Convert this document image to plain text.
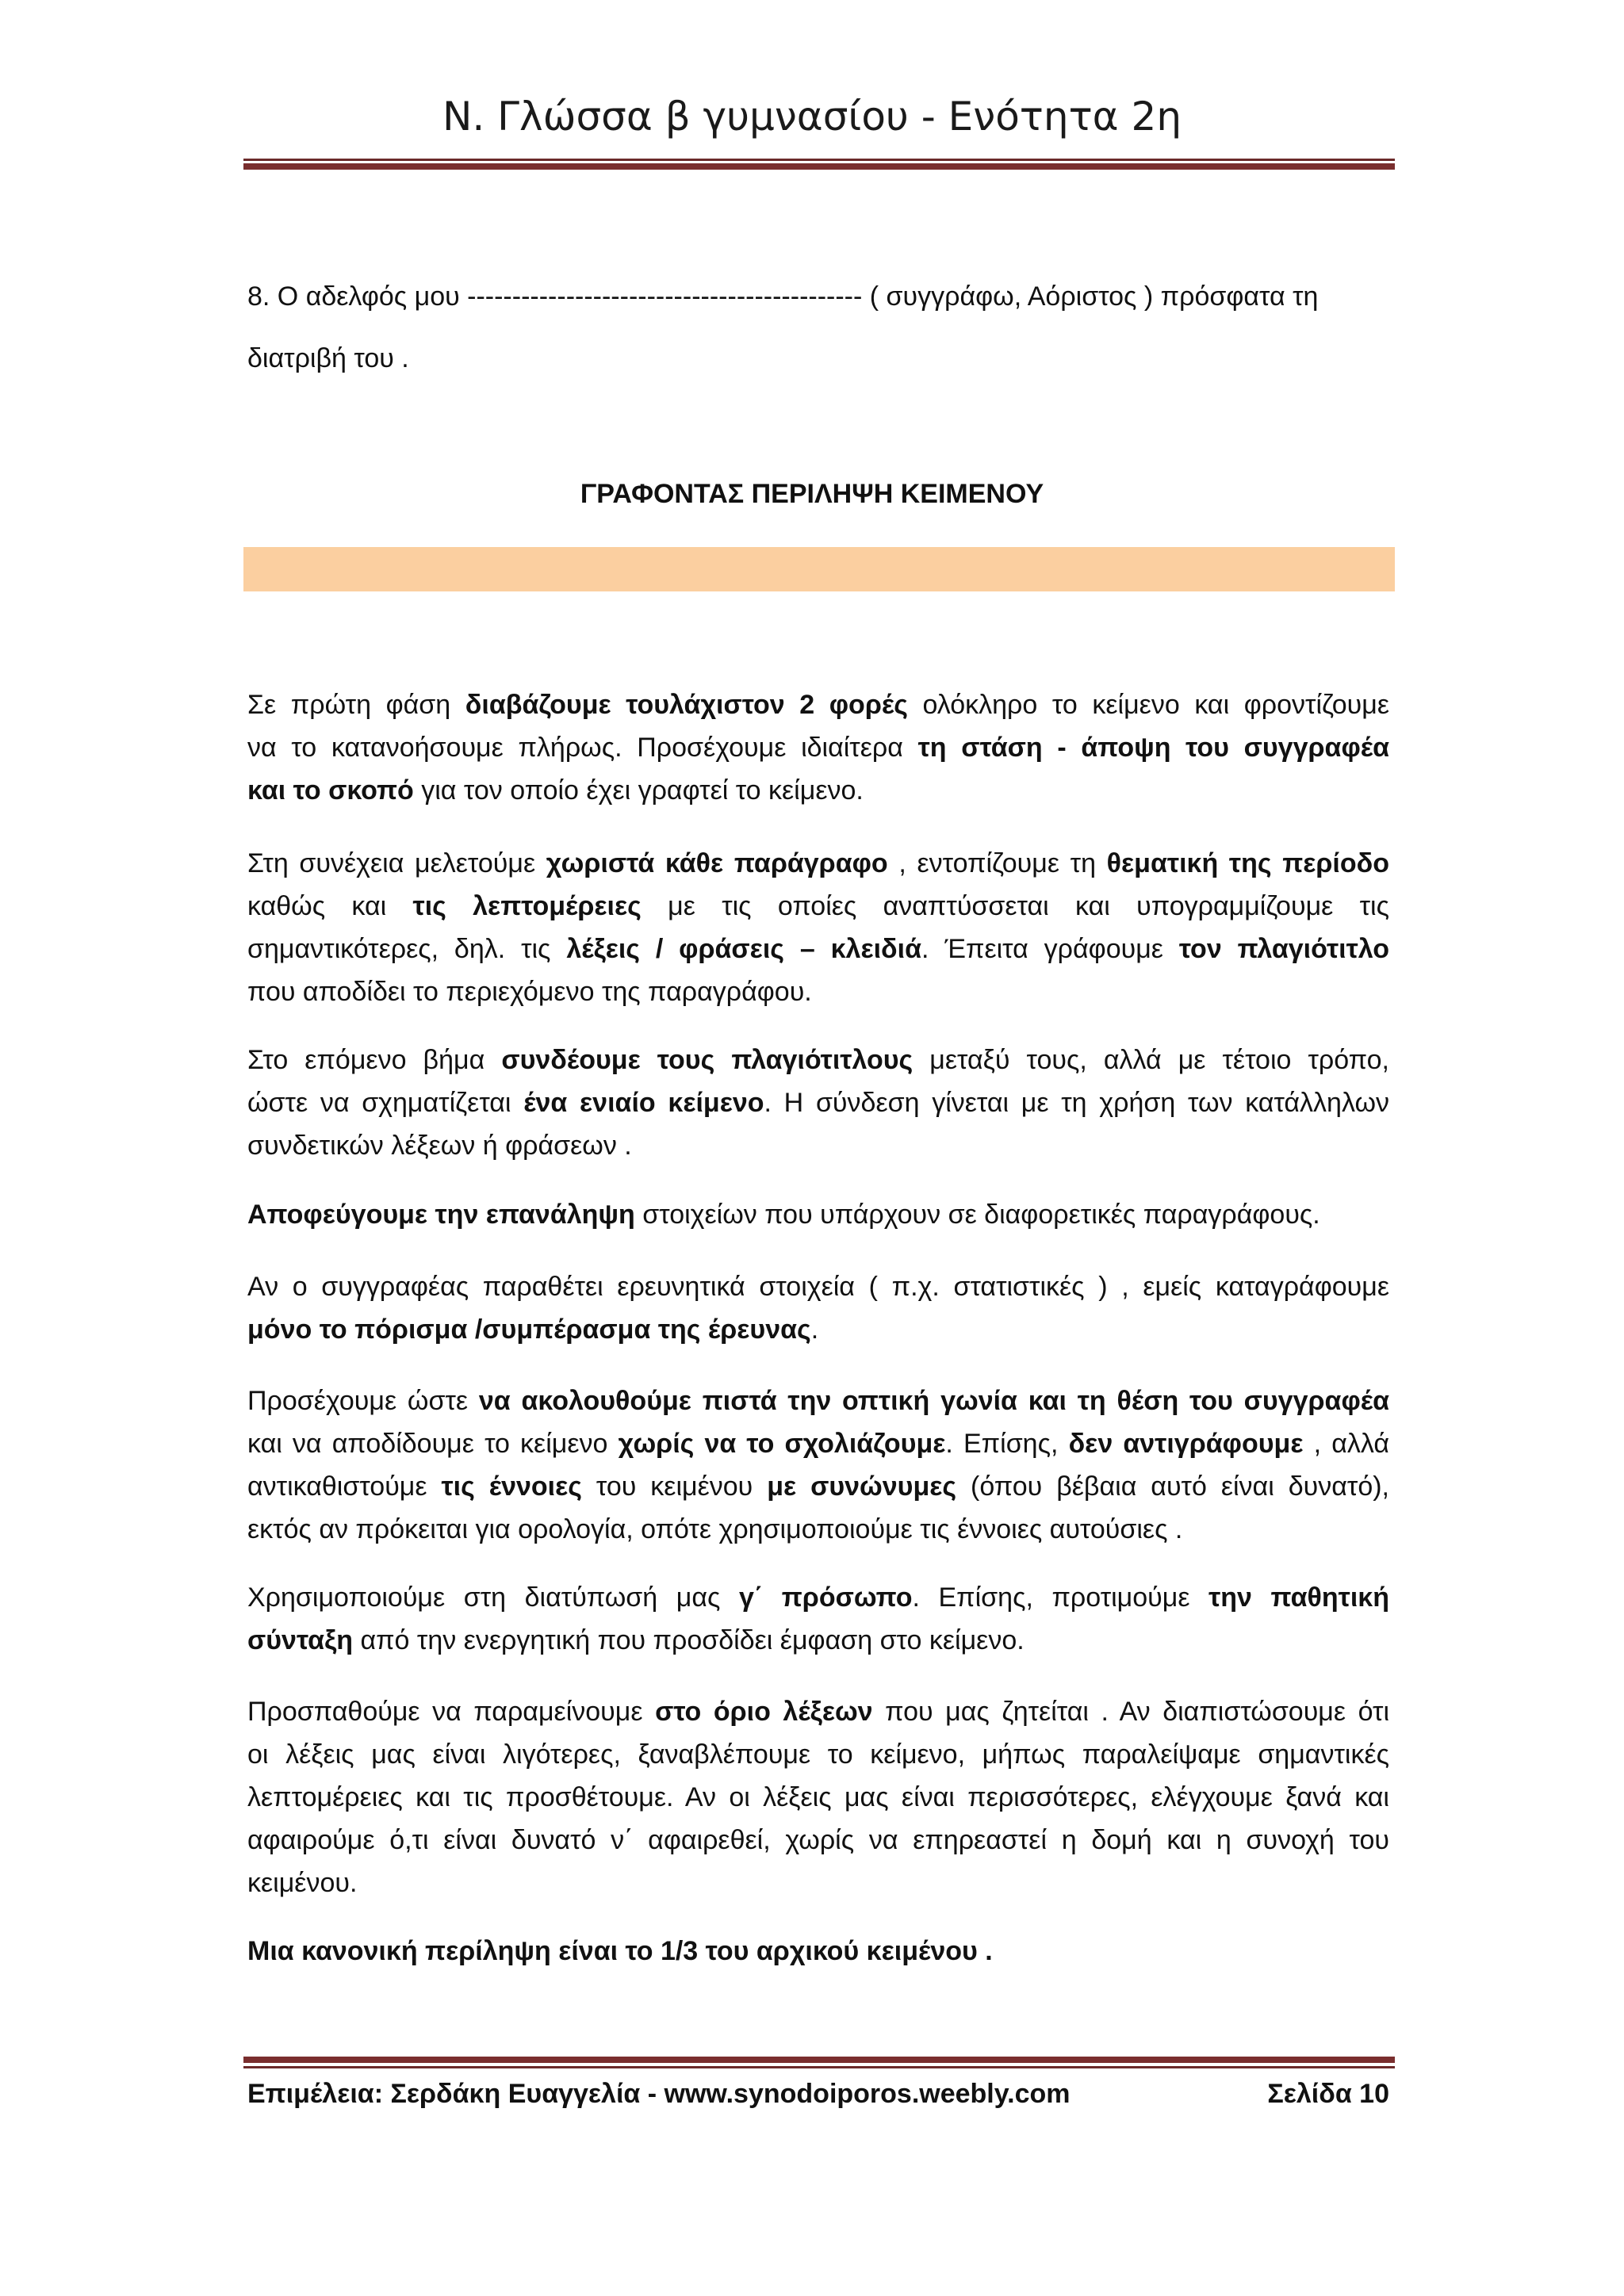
Ν. Γλώσσα β γυμνασίου - Ενότητα 2η
8. Ο αδελφός μου -------------------------------------------- ( συγγράφω, Αόριστος ) πρόσφατα τη
διατριβή του .
ΓΡΑΦΟΝΤΑΣ ΠΕΡΙΛΗΨΗ ΚΕΙΜΕΝΟΥ
Σε πρώτη φάση διαβάζουμε τουλάχιστον 2 φορές ολόκληρο το κείμενο και φροντίζουμε
να το κατανοήσουμε πλήρως. Προσέχουμε ιδιαίτερα τη στάση - άποψη του συγγραφέα
και το σκοπό για τον οποίο έχει γραφτεί το κείμενο.
Στη συνέχεια μελετούμε χωριστά κάθε παράγραφο , εντοπίζουμε τη θεματική της περίοδο
καθώς και τις λεπτομέρειες με τις οποίες αναπτύσσεται και υπογραμμίζουμε τις
σημαντικότερες, δηλ. τις λέξεις / φράσεις – κλειδιά. Έπειτα γράφουμε τον πλαγιότιτλο
που αποδίδει το περιεχόμενο της παραγράφου.
Στο επόμενο βήμα συνδέουμε τους πλαγιότιτλους μεταξύ τους, αλλά με τέτοιο τρόπο,
ώστε να σχηματίζεται ένα ενιαίο κείμενο. Η σύνδεση γίνεται με τη χρήση των κατάλληλων
συνδετικών λέξεων ή φράσεων .
Αποφεύγουμε την επανάληψη στοιχείων που υπάρχουν σε διαφορετικές παραγράφους.
Αν ο συγγραφέας παραθέτει ερευνητικά στοιχεία ( π.χ. στατιστικές ) , εμείς καταγράφουμε
μόνο το πόρισμα /συμπέρασμα της έρευνας.
Προσέχουμε ώστε να ακολουθούμε πιστά την οπτική γωνία και τη θέση του συγγραφέα
και να αποδίδουμε το κείμενο χωρίς να το σχολιάζουμε. Επίσης, δεν αντιγράφουμε , αλλά
αντικαθιστούμε τις έννοιες του κειμένου με συνώνυμες (όπου βέβαια αυτό είναι δυνατό),
εκτός αν πρόκειται για ορολογία, οπότε χρησιμοποιούμε τις έννοιες αυτούσιες .
Χρησιμοποιούμε στη διατύπωσή μας γ΄ πρόσωπο. Επίσης, προτιμούμε την παθητική
σύνταξη από την ενεργητική που προσδίδει έμφαση στο κείμενο.
Προσπαθούμε να παραμείνουμε στο όριο λέξεων που μας ζητείται . Αν διαπιστώσουμε ότι
οι λέξεις μας είναι λιγότερες, ξαναβλέπουμε το κείμενο, μήπως παραλείψαμε σημαντικές
λεπτομέρειες και τις προσθέτουμε. Αν οι λέξεις μας είναι περισσότερες, ελέγχουμε ξανά και
αφαιρούμε ό,τι είναι δυνατό ν΄ αφαιρεθεί, χωρίς να επηρεαστεί η δομή και η συνοχή του
κειμένου.
Μια κανονική περίληψη είναι το 1/3 του αρχικού κειμένου .
Επιμέλεια: Σερδάκη Ευαγγελία - www.synodoiporos.weebly.com	Σελίδα 10
